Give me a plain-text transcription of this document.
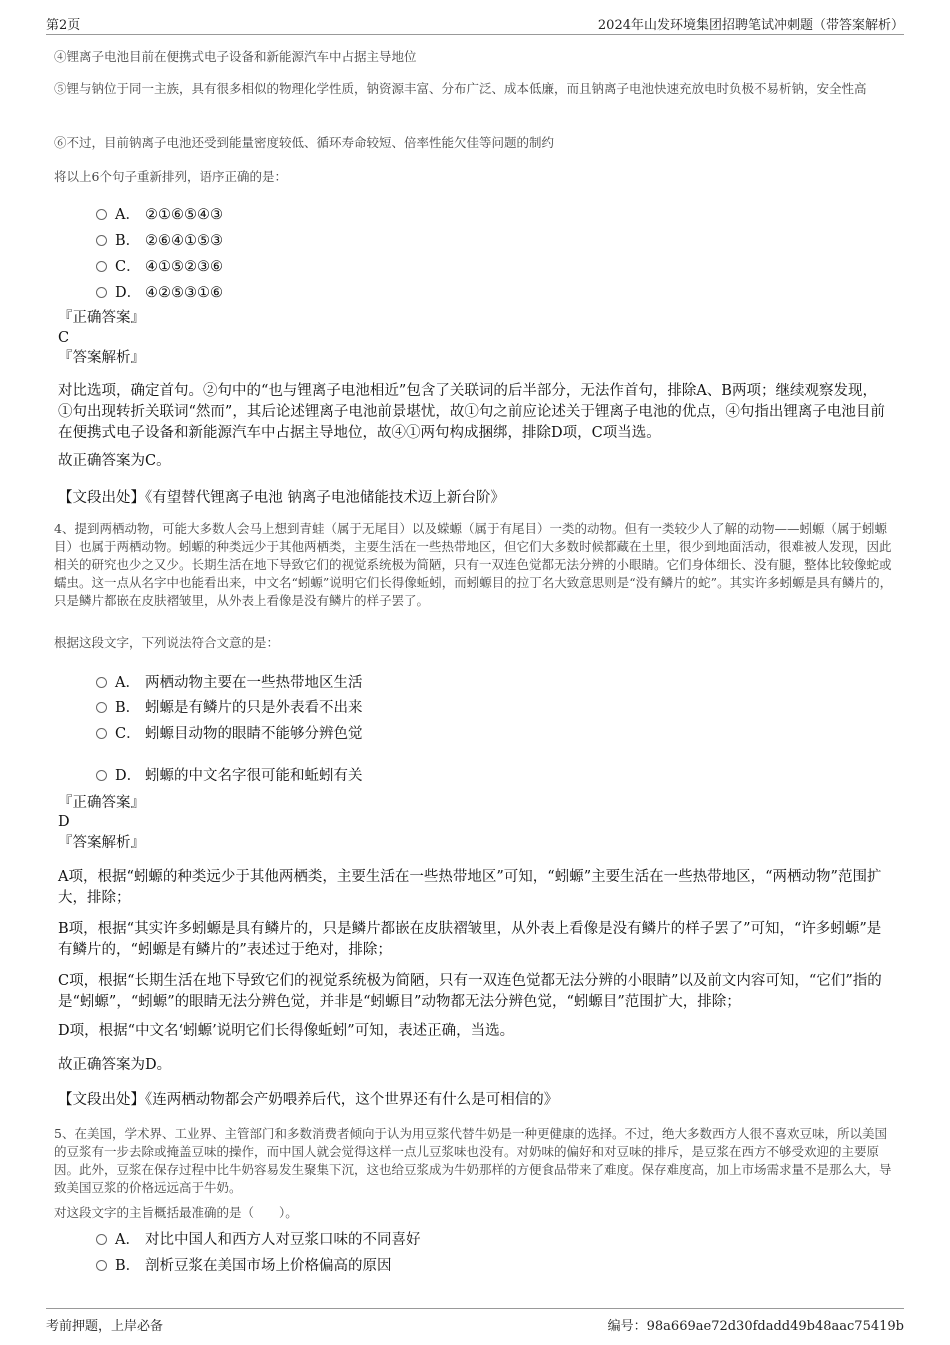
第2页	2024年山发环境集团招聘笔试冲刺题（带答案解析）

④锂离子电池目前在便携式电子设备和新能源汽车中占据主导地位

⑤锂与钠位于同一主族，具有很多相似的物理化学性质，钠资源丰富、分布广泛、成本低廉，而且钠离子电池快速充放电时负极不易析钠，安全性高

⑥不过，目前钠离子电池还受到能量密度较低、循环寿命较短、倍率性能欠佳等问题的制约

将以上6个句子重新排列，语序正确的是：

A． ②①⑥⑤④③
B． ②⑥④①⑤③
C． ④①⑤②③⑥
D． ④②⑤③①⑥

『正确答案』

C

『答案解析』

对比选项，确定首句。②句中的“也与锂离子电池相近”包含了关联词的后半部分，无法作首句，排除A、B两项；继续观察发现，①句出现转折关联词“然而”，其后论述锂离子电池前景堪忧，故①句之前应论述关于锂离子电池的优点，④句指出锂离子电池目前在便携式电子设备和新能源汽车中占据主导地位，故④①两句构成捆绑，排除D项，C项当选。

故正确答案为C。

【文段出处】《有望替代锂离子电池 钠离子电池储能技术迈上新台阶》

4、提到两栖动物，可能大多数人会马上想到青蛙（属于无尾目）以及蝾螈（属于有尾目）一类的动物。但有一类较少人了解的动物——蚓螈（属于蚓螈目）也属于两栖动物。蚓螈的种类远少于其他两栖类，主要生活在一些热带地区，但它们大多数时候都藏在土里，很少到地面活动，很难被人发现，因此相关的研究也少之又少。长期生活在地下导致它们的视觉系统极为简陋，只有一双连色觉都无法分辨的小眼睛。它们身体细长、没有腿，整体比较像蛇或蠕虫。这一点从名字中也能看出来，中文名“蚓螈”说明它们长得像蚯蚓，而蚓螈目的拉丁名大致意思则是“没有鳞片的蛇”。其实许多蚓螈是具有鳞片的，只是鳞片都嵌在皮肤褶皱里，从外表上看像是没有鳞片的样子罢了。

根据这段文字，下列说法符合文意的是：

A． 两栖动物主要在一些热带地区生活
B． 蚓螈是有鳞片的只是外表看不出来
C． 蚓螈目动物的眼睛不能够分辨色觉
D． 蚓螈的中文名字很可能和蚯蚓有关

『正确答案』

D

『答案解析』

A项，根据“蚓螈的种类远少于其他两栖类，主要生活在一些热带地区”可知，“蚓螈”主要生活在一些热带地区，“两栖动物”范围扩大，排除；

B项，根据“其实许多蚓螈是具有鳞片的，只是鳞片都嵌在皮肤褶皱里，从外表上看像是没有鳞片的样子罢了”可知，“许多蚓螈”是有鳞片的，“蚓螈是有鳞片的”表述过于绝对，排除；

C项，根据“长期生活在地下导致它们的视觉系统极为简陋，只有一双连色觉都无法分辨的小眼睛”以及前文内容可知，“它们”指的是“蚓螈”，“蚓螈”的眼睛无法分辨色觉，并非是“蚓螈目”动物都无法分辨色觉，“蚓螈目”范围扩大，排除；

D项，根据“中文名‘蚓螈’说明它们长得像蚯蚓”可知，表述正确，当选。

故正确答案为D。

【文段出处】《连两栖动物都会产奶喂养后代，这个世界还有什么是可相信的》

5、在美国，学术界、工业界、主管部门和多数消费者倾向于认为用豆浆代替牛奶是一种更健康的选择。不过，绝大多数西方人很不喜欢豆味，所以美国的豆浆有一步去除或掩盖豆味的操作，而中国人就会觉得这样一点儿豆浆味也没有。对奶味的偏好和对豆味的排斥，是豆浆在西方不够受欢迎的主要原因。此外，豆浆在保存过程中比牛奶容易发生聚集下沉，这也给豆浆成为牛奶那样的方便食品带来了难度。保存难度高，加上市场需求量不是那么大，导致美国豆浆的价格远远高于牛奶。

对这段文字的主旨概括最准确的是（　　）。

A． 对比中国人和西方人对豆浆口味的不同喜好
B． 剖析豆浆在美国市场上价格偏高的原因
考前押题，上岸必备	编号：98a669ae72d30fdadd49b48aac75419b
